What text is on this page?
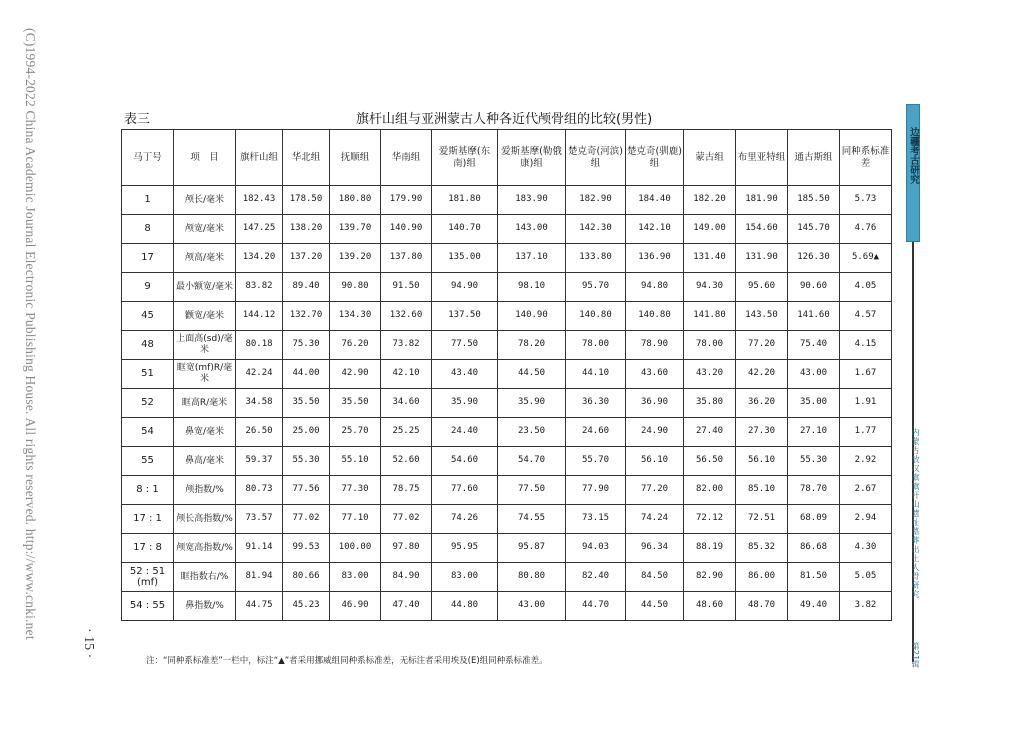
(C)1994-2022 China Academic Journal Electronic Publishing House. All rights reserved. http://www.cnki.net
· 15 ·
表三	旗杆山组与亚洲蒙古人种各近代颅骨组的比较(男性)
马丁号	项　目	旗杆山组	华北组	抚顺组	华南组	爱斯基摩(东南)组	爱斯基摩(勒俄康)组	楚克奇(河滨)组	楚克奇(驯鹿)组	蒙古组	布里亚特组	通古斯组	同种系标准差
1	颅长/毫米	182.43	178.50	180.80	179.90	181.80	183.90	182.90	184.40	182.20	181.90	185.50	5.73
8	颅宽/毫米	147.25	138.20	139.70	140.90	140.70	143.00	142.30	142.10	149.00	154.60	145.70	4.76
17	颅高/毫米	134.20	137.20	139.20	137.80	135.00	137.10	133.80	136.90	131.40	131.90	126.30	5.69▲
9	最小额宽/毫米	83.82	89.40	90.80	91.50	94.90	98.10	95.70	94.80	94.30	95.60	90.60	4.05
45	颧宽/毫米	144.12	132.70	134.30	132.60	137.50	140.90	140.80	140.80	141.80	143.50	141.60	4.57
48	上面高(sd)/毫米	80.18	75.30	76.20	73.82	77.50	78.20	78.00	78.90	78.00	77.20	75.40	4.15
51	眶宽(mf)R/毫米	42.24	44.00	42.90	42.10	43.40	44.50	44.10	43.60	43.20	42.20	43.00	1.67
52	眶高R/毫米	34.58	35.50	35.50	34.60	35.90	35.90	36.30	36.90	35.80	36.20	35.00	1.91
54	鼻宽/毫米	26.50	25.00	25.70	25.25	24.40	23.50	24.60	24.90	27.40	27.30	27.10	1.77
55	鼻高/毫米	59.37	55.30	55.10	52.60	54.60	54.70	55.70	56.10	56.50	56.10	55.30	2.92
8 : 1	颅指数/%	80.73	77.56	77.30	78.75	77.60	77.50	77.90	77.20	82.00	85.10	78.70	2.67
17 : 1	颅长高指数/%	73.57	77.02	77.10	77.02	74.26	74.55	73.15	74.24	72.12	72.51	68.09	2.94
17 : 8	颅宽高指数/%	91.14	99.53	100.00	97.80	95.95	95.87	94.03	96.34	88.19	85.32	86.68	4.30
52 : 51 (mf)	眶指数右/%	81.94	80.66	83.00	84.90	83.00	80.80	82.40	84.50	82.90	86.00	81.50	5.05
54 : 55	鼻指数/%	44.75	45.23	46.90	47.40	44.80	43.00	44.70	44.50	48.60	48.70	49.40	3.82
注：“同种系标准差”一栏中，标注“▲”者采用挪威组同种系标准差，无标注者采用埃及(E)组同种系标准差。
边疆考古研究
内蒙古敖汉旗旗杆山遗址墓葬出土人骨研究
第21辑
